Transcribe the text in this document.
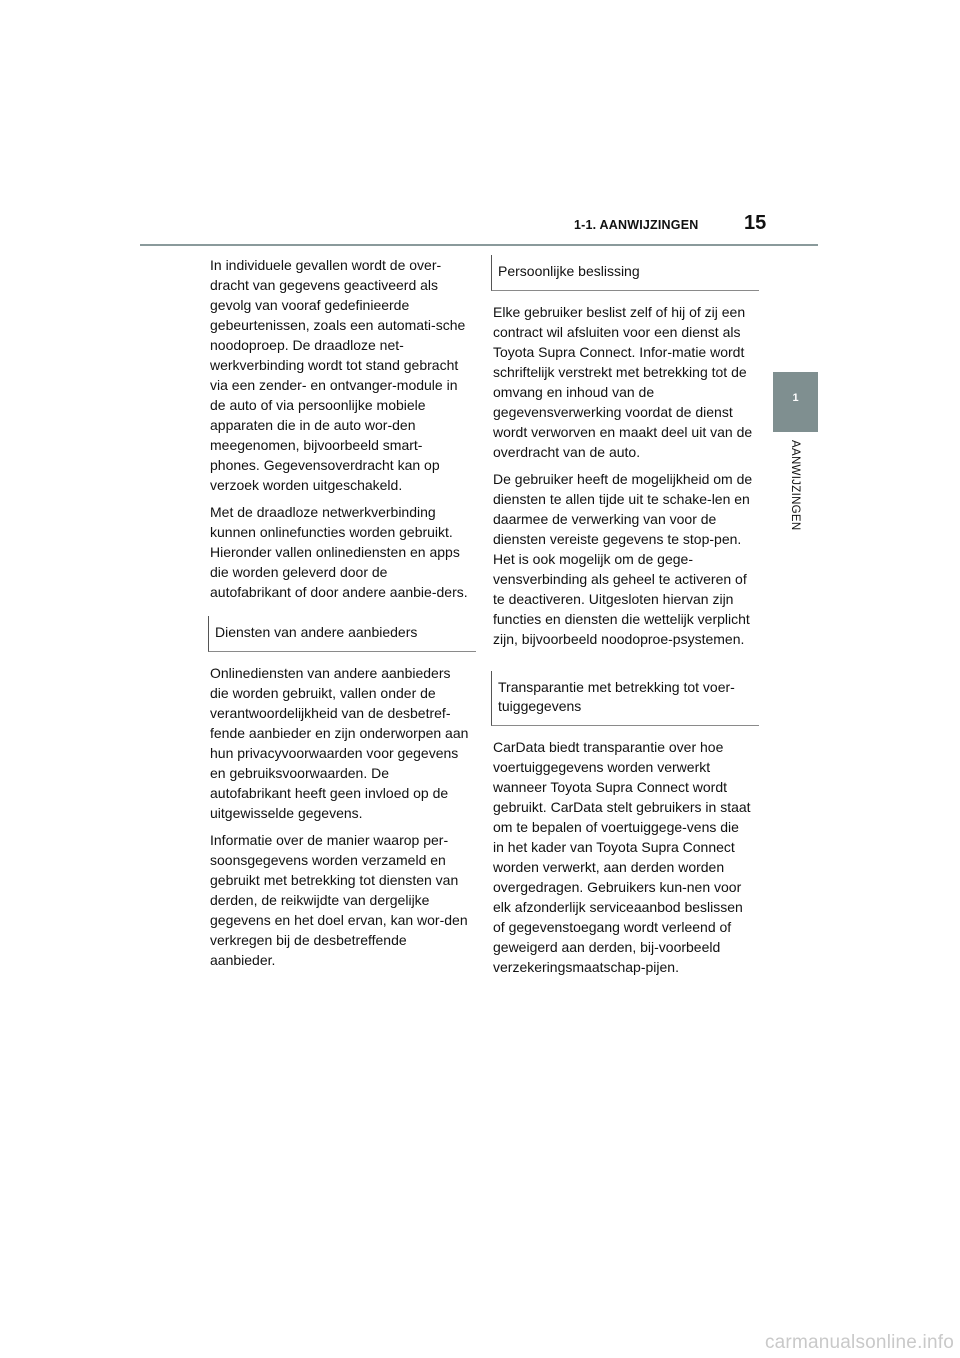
1-1. AANWIJZINGEN 15
1
AANWIJZINGEN

In individuele gevallen wordt de over-dracht van gegevens geactiveerd als gevolg van vooraf gedefinieerde gebeurtenissen, zoals een automati-sche noodoproep. De draadloze net-werkverbinding wordt tot stand gebracht via een zender- en ontvanger-module in de auto of via persoonlijke mobiele apparaten die in de auto wor-den meegenomen, bijvoorbeeld smart-phones. Gegevensoverdracht kan op verzoek worden uitgeschakeld.

Met de draadloze netwerkverbinding kunnen onlinefuncties worden gebruikt. Hieronder vallen onlinediensten en apps die worden geleverd door de autofabrikant of door andere aanbie-ders.

Diensten van andere aanbieders

Onlinediensten van andere aanbieders die worden gebruikt, vallen onder de verantwoordelijkheid van de desbetref-fende aanbieder en zijn onderworpen aan hun privacyvoorwaarden voor gegevens en gebruiksvoorwaarden. De autofabrikant heeft geen invloed op de uitgewisselde gegevens.

Informatie over de manier waarop per-soonsgegevens worden verzameld en gebruikt met betrekking tot diensten van derden, de reikwijdte van dergelijke gegevens en het doel ervan, kan wor-den verkregen bij de desbetreffende aanbieder.

Persoonlijke beslissing

Elke gebruiker beslist zelf of hij of zij een contract wil afsluiten voor een dienst als Toyota Supra Connect. Infor-matie wordt schriftelijk verstrekt met betrekking tot de omvang en inhoud van de gegevensverwerking voordat de dienst wordt verworven en maakt deel uit van de overdracht van de auto.

De gebruiker heeft de mogelijkheid om de diensten te allen tijde uit te schake-len en daarmee de verwerking van voor de diensten vereiste gegevens te stop-pen. Het is ook mogelijk om de gege-vensverbinding als geheel te activeren of te deactiveren. Uitgesloten hiervan zijn functies en diensten die wettelijk verplicht zijn, bijvoorbeeld noodoproe-psystemen.

Transparantie met betrekking tot voer-tuiggegevens

CarData biedt transparantie over hoe voertuiggegevens worden verwerkt wanneer Toyota Supra Connect wordt gebruikt. CarData stelt gebruikers in staat om te bepalen of voertuiggege-vens die in het kader van Toyota Supra Connect worden verwerkt, aan derden worden overgedragen. Gebruikers kun-nen voor elk afzonderlijk serviceaanbod beslissen of gegevenstoegang wordt verleend of geweigerd aan derden, bij-voorbeeld verzekeringsmaatschap-pijen.

carmanualsonline.info
